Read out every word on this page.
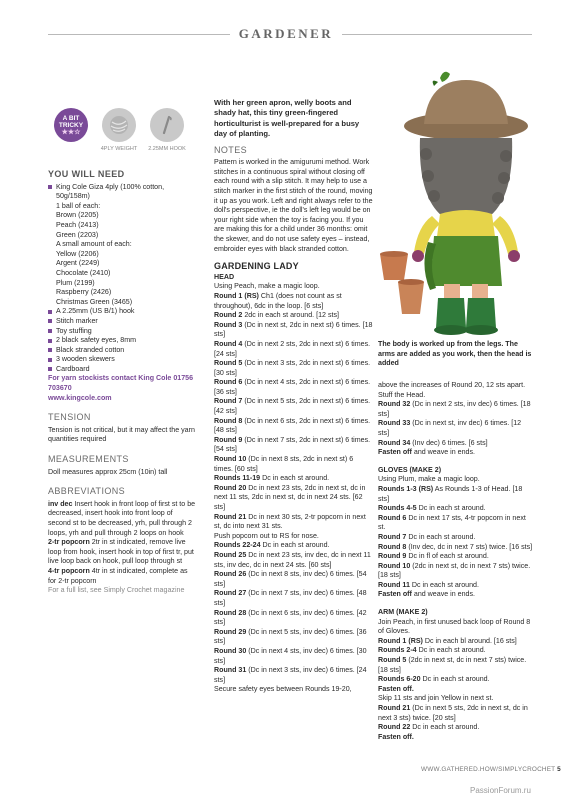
GARDENER
A BIT
TRICKY
★★☆
4PLY WEIGHT 2.25MM HOOK
YOU WILL NEED
King Cole Giza 4ply (100% cotton, 50g/158m)
1 ball of each:
Brown (2205)
Peach (2413)
Green (2203)
A small amount of each:
Yellow (2206)
Argent (2249)
Chocolate (2410)
Plum (2199)
Raspberry (2426)
Christmas Green (3465)
A 2.25mm (US B/1) hook
Stitch marker
Toy stuffing
2 black safety eyes, 8mm
Black stranded cotton
3 wooden skewers
Cardboard
For yarn stockists contact King Cole 01756 703670
www.kingcole.com
TENSION
Tension is not critical, but it may affect the yarn quantities required
MEASUREMENTS
Doll measures approx 25cm (10in) tall
ABBREVIATIONS
inv dec Insert hook in front loop of first st to be decreased, insert hook into front loop of second st to be decreased, yrh, pull through 2 loops, yrh and pull through 2 loops on hook
2-tr popcorn 2tr in st indicated, remove live loop from hook, insert hook in top of first tr, put live loop back on hook, pull loop through st
4-tr popcorn 4tr in st indicated, complete as for 2-tr popcorn
For a full list, see Simply Crochet magazine
With her green apron, welly boots and shady hat, this tiny green-fingered horticulturist is well-prepared for a busy day of planting.
NOTES
Pattern is worked in the amigurumi method. Work stitches in a continuous spiral without closing off each round with a slip stitch. It may help to use a stitch marker in the first stitch of the round, moving it up as you work. Left and right always refer to the doll's perspective, ie the doll's left leg would be on your right side when the toy is facing you. If you are making this for a child under 36 months: omit the skewer, and do not use safety eyes – instead, embroider eyes with black stranded cotton.
GARDENING LADY
HEAD
Using Peach, make a magic loop.
Round 1 (RS) Ch1 (does not count as st throughout), 6dc in the loop. [6 sts]
Round 2 2dc in each st around. [12 sts]
Round 3 (Dc in next st, 2dc in next st) 6 times. [18 sts]
Round 4 (Dc in next 2 sts, 2dc in next st) 6 times. [24 sts]
Round 5 (Dc in next 3 sts, 2dc in next st) 6 times. [30 sts]
Round 6 (Dc in next 4 sts, 2dc in next st) 6 times. [36 sts]
Round 7 (Dc in next 5 sts, 2dc in next st) 6 times. [42 sts]
Round 8 (Dc in next 6 sts, 2dc in next st) 6 times. [48 sts]
Round 9 (Dc in next 7 sts, 2dc in next st) 6 times. [54 sts]
Round 10 (Dc in next 8 sts, 2dc in next st) 6 times. [60 sts]
Rounds 11-19 Dc in each st around.
Round 20 Dc in next 23 sts, 2dc in next st, dc in next 11 sts, 2dc in next st, dc in next 24 sts. [62 sts]
Round 21 Dc in next 30 sts, 2-tr popcorn in next st, dc into next 31 sts.
Push popcorn out to RS for nose.
Rounds 22-24 Dc in each st around.
Round 25 Dc in next 23 sts, inv dec, dc in next 11 sts, inv dec, dc in next 24 sts. [60 sts]
Round 26 (Dc in next 8 sts, inv dec) 6 times. [54 sts]
Round 27 (Dc in next 7 sts, inv dec) 6 times. [48 sts]
Round 28 (Dc in next 6 sts, inv dec) 6 times. [42 sts]
Round 29 (Dc in next 5 sts, inv dec) 6 times. [36 sts]
Round 30 (Dc in next 4 sts, inv dec) 6 times. [30 sts]
Round 31 (Dc in next 3 sts, inv dec) 6 times. [24 sts]
Secure safety eyes between Rounds 19-20,
The body is worked up from the legs. The arms are added as you work, then the head is added
above the increases of Round 20, 12 sts apart. Stuff the Head.
Round 32 (Dc in next 2 sts, inv dec) 6 times. [18 sts]
Round 33 (Dc in next st, inv dec) 6 times. [12 sts]
Round 34 (Inv dec) 6 times. [6 sts]
Fasten off and weave in ends.
GLOVES (MAKE 2)
Using Plum, make a magic loop.
Rounds 1-3 (RS) As Rounds 1-3 of Head. [18 sts]
Rounds 4-5 Dc in each st around.
Round 6 Dc in next 17 sts, 4-tr popcorn in next st.
Round 7 Dc in each st around.
Round 8 (Inv dec, dc in next 7 sts) twice. [16 sts]
Round 9 Dc in fl of each st around.
Round 10 (2dc in next st, dc in next 7 sts) twice. [18 sts]
Round 11 Dc in each st around.
Fasten off and weave in ends.
ARM (MAKE 2)
Join Peach, in first unused back loop of Round 8 of Gloves.
Round 1 (RS) Dc in each bl around. [16 sts]
Rounds 2-4 Dc in each st around.
Round 5 (2dc in next st, dc in next 7 sts) twice. [18 sts]
Rounds 6-20 Dc in each st around.
Fasten off.
Skip 11 sts and join Yellow in next st.
Round 21 (Dc in next 5 sts, 2dc in next st, dc in next 3 sts) twice. [20 sts]
Round 22 Dc in each st around.
Fasten off.
WWW.GATHERED.HOW/SIMPLYCROCHET 5
PassionForum.ru
